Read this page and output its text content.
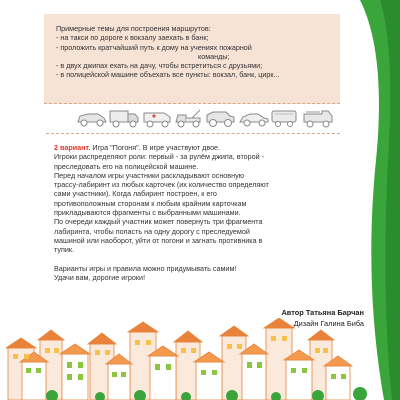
Примерные темы для построения маршрутов:

- на такси по дороге к вокзалу заехать в банк;

- проложить кратчайший путь к дому на учениях пожарной

команды;

- в двух джипах ехать на дачу, чтобы встретиться с друзьями;

- в полицейской машине объехать все пункты: вокзал, банк, цирк...

2 вариант. Игра "Погоня". В игре участвуют двое.

Игроки распределяют роли: первый - за рулём джипа, второй -

преследовать его на полицейской машине.

Перед началом игры участники раскладывают основную

трассу-лабиринт из любых карточек (их количество определяют

сами участники). Когда лабиринт построен, к его

противоположным сторонам к любым крайним карточкам

прикладываются фрагменты с выбранными машинами.

По очереди каждый участник может повернуть три фрагмента

лабиринта, чтобы попасть на одну дорогу с преследуемой

машиной или наоборот, уйти от погони и загнать противника в

тупик.

Варианты игры и правила можно придумывать самим!

Удачи вам, дорогие игроки!

Автор Татьяна Барчан
Дизайн Галина Биба
